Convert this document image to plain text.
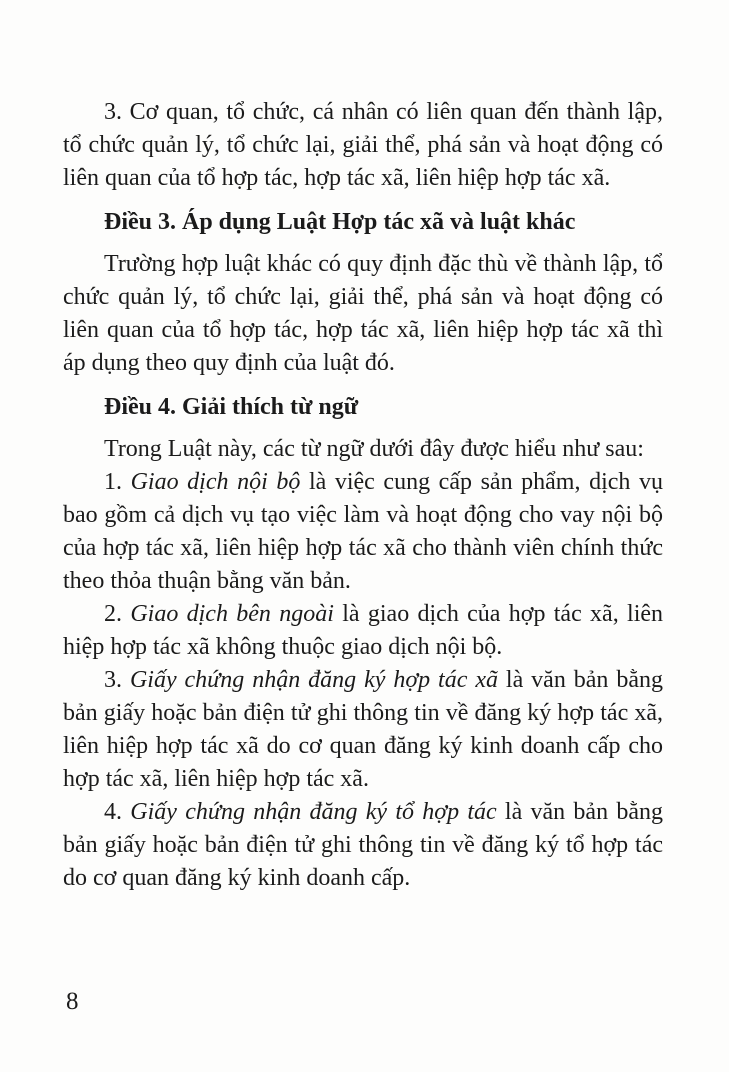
3. Cơ quan, tổ chức, cá nhân có liên quan đến thành lập, tổ chức quản lý, tổ chức lại, giải thể, phá sản và hoạt động có liên quan của tổ hợp tác, hợp tác xã, liên hiệp hợp tác xã.

Điều 3. Áp dụng Luật Hợp tác xã và luật khác

Trường hợp luật khác có quy định đặc thù về thành lập, tổ chức quản lý, tổ chức lại, giải thể, phá sản và hoạt động có liên quan của tổ hợp tác, hợp tác xã, liên hiệp hợp tác xã thì áp dụng theo quy định của luật đó.

Điều 4. Giải thích từ ngữ

Trong Luật này, các từ ngữ dưới đây được hiểu như sau:

1. Giao dịch nội bộ là việc cung cấp sản phẩm, dịch vụ bao gồm cả dịch vụ tạo việc làm và hoạt động cho vay nội bộ của hợp tác xã, liên hiệp hợp tác xã cho thành viên chính thức theo thỏa thuận bằng văn bản.

2. Giao dịch bên ngoài là giao dịch của hợp tác xã, liên hiệp hợp tác xã không thuộc giao dịch nội bộ.

3. Giấy chứng nhận đăng ký hợp tác xã là văn bản bằng bản giấy hoặc bản điện tử ghi thông tin về đăng ký hợp tác xã, liên hiệp hợp tác xã do cơ quan đăng ký kinh doanh cấp cho hợp tác xã, liên hiệp hợp tác xã.

4. Giấy chứng nhận đăng ký tổ hợp tác là văn bản bằng bản giấy hoặc bản điện tử ghi thông tin về đăng ký tổ hợp tác do cơ quan đăng ký kinh doanh cấp.

8
